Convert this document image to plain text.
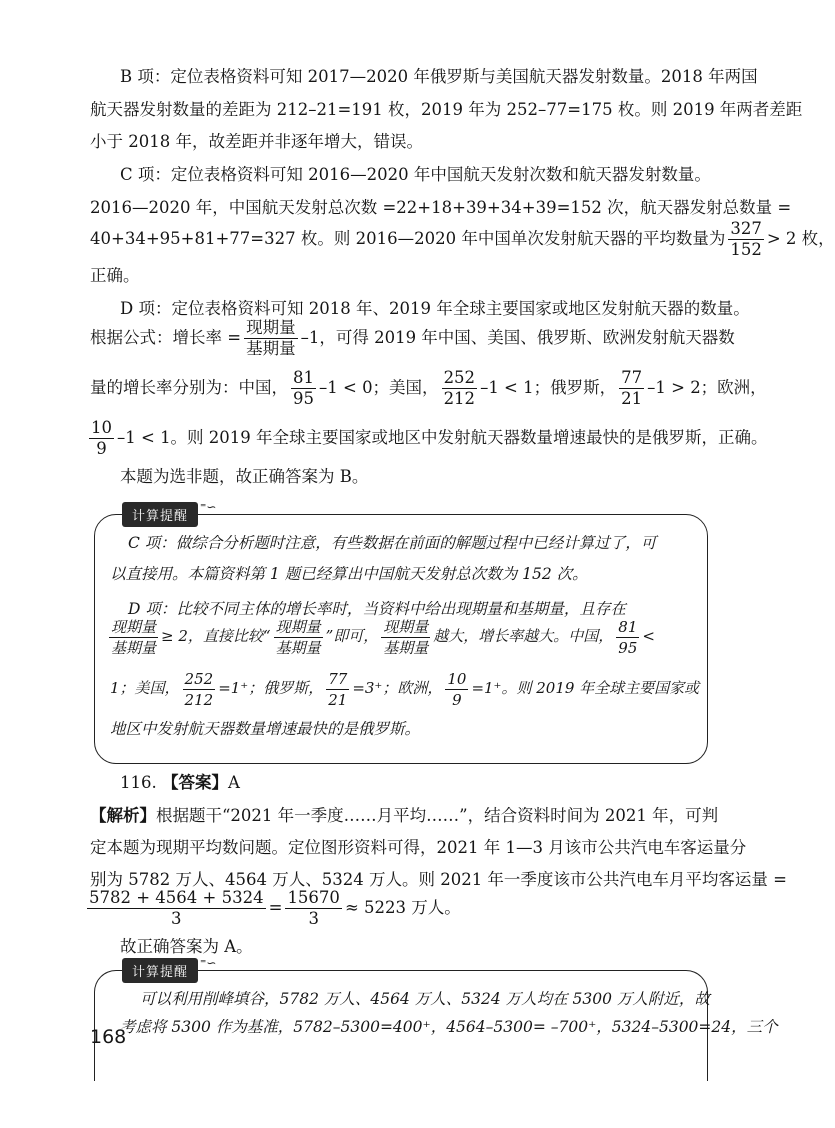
B 项：定位表格资料可知 2017—2020 年俄罗斯与美国航天器发射数量。2018 年两国
航天器发射数量的差距为 212–21=191 枚，2019 年为 252–77=175 枚。则 2019 年两者差距
小于 2018 年，故差距并非逐年增大，错误。
C 项：定位表格资料可知 2016—2020 年中国航天发射次数和航天器发射数量。
2016—2020 年，中国航天发射总次数 =22+18+39+34+39=152 次，航天器发射总数量 =
40+34+95+81+77=327 枚。则 2016—2020 年中国单次发射航天器的平均数量为 $\frac{327}{152} > 2$ 枚，
正确。
D 项：定位表格资料可知 2018 年、2019 年全球主要国家或地区发射航天器的数量。
根据公式：增长率 = $\frac{\text{现期量}}{\text{基期量}} -1$，可得 2019 年中国、美国、俄罗斯、欧洲发射航天器数
量的增长率分别为：中国， $\frac{81}{95} -1 < 0$；美国， $\frac{252}{212} -1 < 1$；俄罗斯， $\frac{77}{21} -1 > 2$；欧洲，
$\frac{10}{9} -1 < 1$。则 2019 年全球主要国家或地区中发射航天器数量增速最快的是俄罗斯，正确。
本题为选非题，故正确答案为 B。
计算提醒
⁼∽
C 项：做综合分析题时注意，有些数据在前面的解题过程中已经计算过了，可
以直接用。本篇资料第 1 题已经算出中国航天发射总次数为 152 次。
D 项：比较不同主体的增长率时，当资料中给出现期量和基期量，且存在
$\frac{\text{现期量}}{\text{基期量}} \ge 2$，直接比较“ $\frac{\text{现期量}}{\text{基期量}}$ ”即可， $\frac{\text{现期量}}{\text{基期量}}$ 越大，增长率越大。中国， $\frac{81}{95}$ <
1；美国， $\frac{252}{212} =1^+$；俄罗斯， $\frac{77}{21} =3^+$；欧洲， $\frac{10}{9} =1^+$。则 2019 年全球主要国家或
地区中发射航天器数量增速最快的是俄罗斯。
116. 【答案】A
【解析】根据题干“2021 年一季度……月平均……”，结合资料时间为 2021 年，可判
定本题为现期平均数问题。定位图形资料可得，2021 年 1—3 月该市公共汽电车客运量分
别为 5782 万人、4564 万人、5324 万人。则 2021 年一季度该市公共汽电车月平均客运量 =
$\frac{5782 + 4564 + 5324}{3} = \frac{15670}{3} \approx 5223$ 万人。
故正确答案为 A。
计算提醒
⁼∽
可以利用削峰填谷，5782 万人、4564 万人、5324 万人均在 5300 万人附近，故
考虑将 5300 作为基准，5782–5300=400⁺，4564–5300= –700⁺，5324–5300=24，三个
168
